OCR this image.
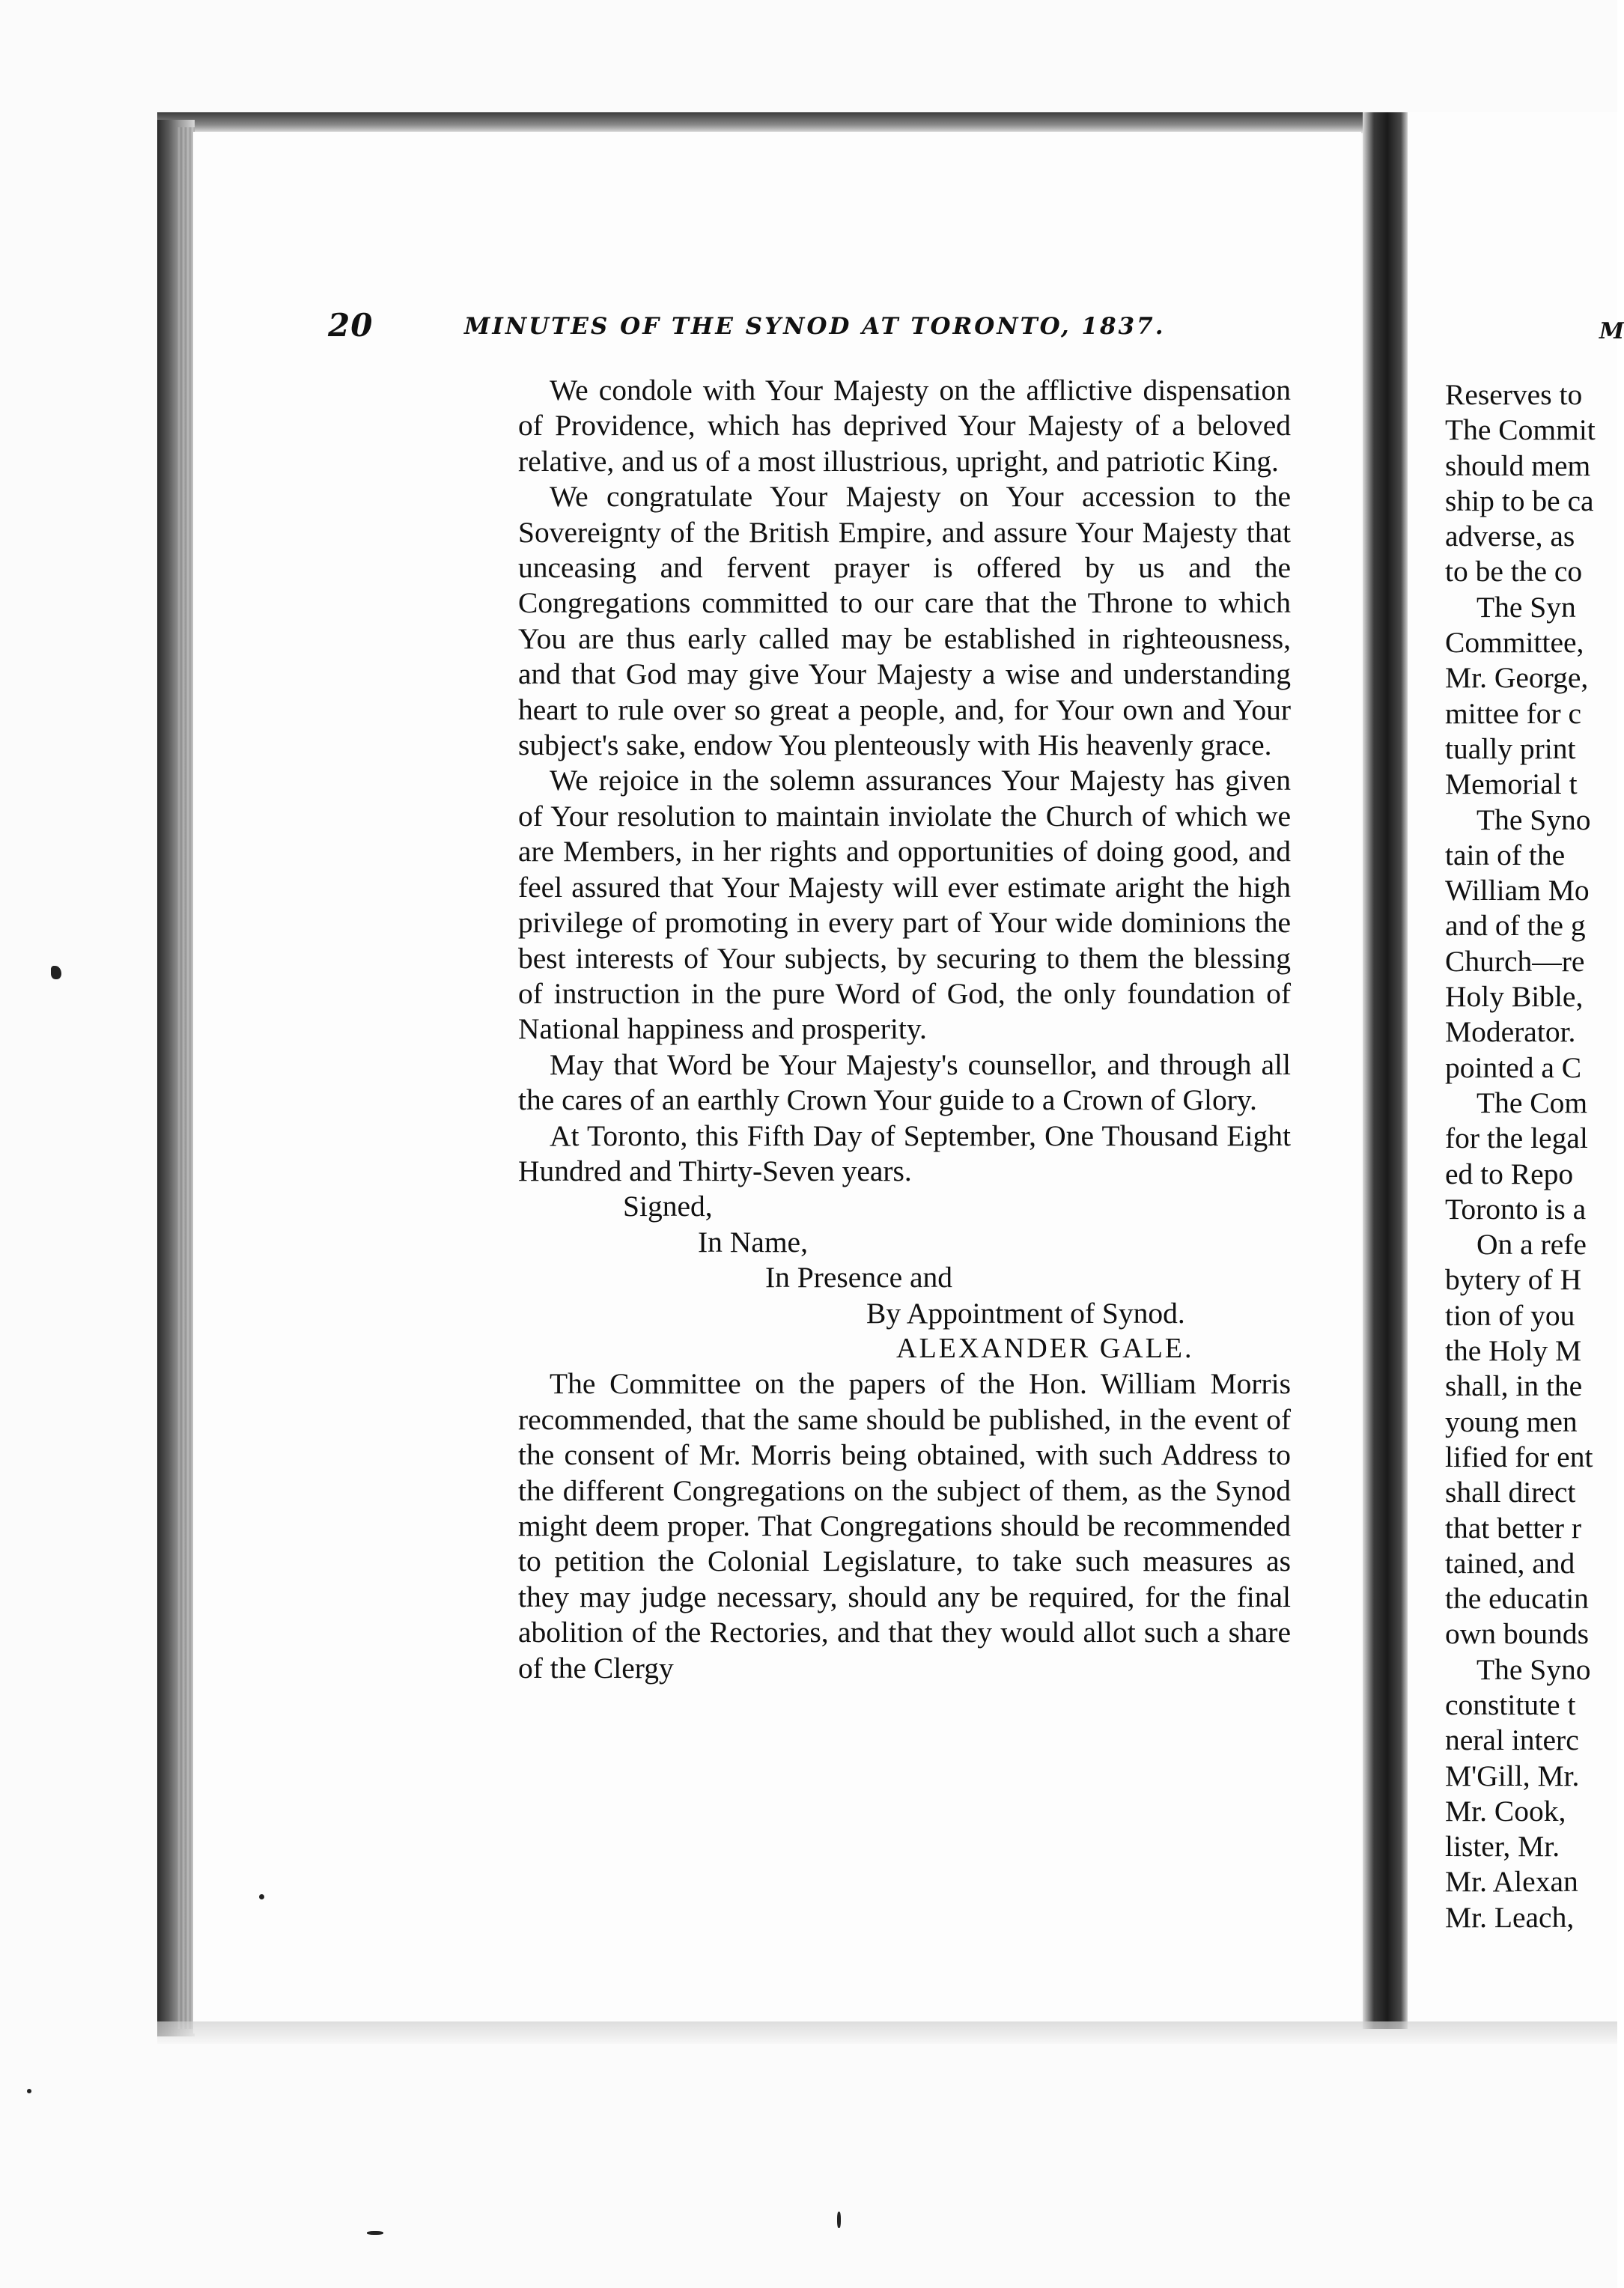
20	MINUTES OF THE SYNOD AT TORONTO, 1837.

We condole with Your Majesty on the afflictive dispensation of Providence, which has deprived Your Majesty of a beloved relative, and us of a most illustrious, upright, and patriotic King.

We congratulate Your Majesty on Your accession to the Sovereignty of the British Empire, and assure Your Majesty that unceasing and fervent prayer is offered by us and the Congregations committed to our care that the Throne to which You are thus early called may be established in righteousness, and that God may give Your Majesty a wise and understanding heart to rule over so great a people, and, for Your own and Your subject's sake, endow You plenteously with His heavenly grace.

We rejoice in the solemn assurances Your Majesty has given of Your resolution to maintain inviolate the Church of which we are Members, in her rights and opportunities of doing good, and feel assured that Your Majesty will ever estimate aright the high privilege of promoting in every part of Your wide dominions the best interests of Your subjects, by securing to them the blessing of instruction in the pure Word of God, the only foundation of National happiness and prosperity.

May that Word be Your Majesty's counsellor, and through all the cares of an earthly Crown Your guide to a Crown of Glory.

At Toronto, this Fifth Day of September, One Thousand Eight Hundred and Thirty-Seven years.

Signed,
In Name,
In Presence and
By Appointment of Synod.
ALEXANDER GALE.

The Committee on the papers of the Hon. William Morris recommended, that the same should be published, in the event of the consent of Mr. Morris being obtained, with such Address to the different Congregations on the subject of them, as the Synod might deem proper. That Congregations should be recommended to petition the Colonial Legislature, to take such measures as they may judge necessary, should any be required, for the final abolition of the Rectories, and that they would allot such a share of the Clergy

M
Reserves to
The Commit
should mem
ship to be ca
adverse, as
to be the co
The Syn
Committee,
Mr. George,
mittee for c
tually print
Memorial t
The Syno
tain of the
William Mo
and of the g
Church—re
Holy Bible,
Moderator.
pointed a C
The Com
for the legal
ed to Repo
Toronto is a
On a refe
bytery of H
tion of you
the Holy M
shall, in the
young men
lified for ent
shall direct
that better r
tained, and
the educatin
own bounds
The Syno
constitute t
neral interc
M'Gill, Mr.
Mr. Cook,
lister, Mr.
Mr. Alexan
Mr. Leach,
